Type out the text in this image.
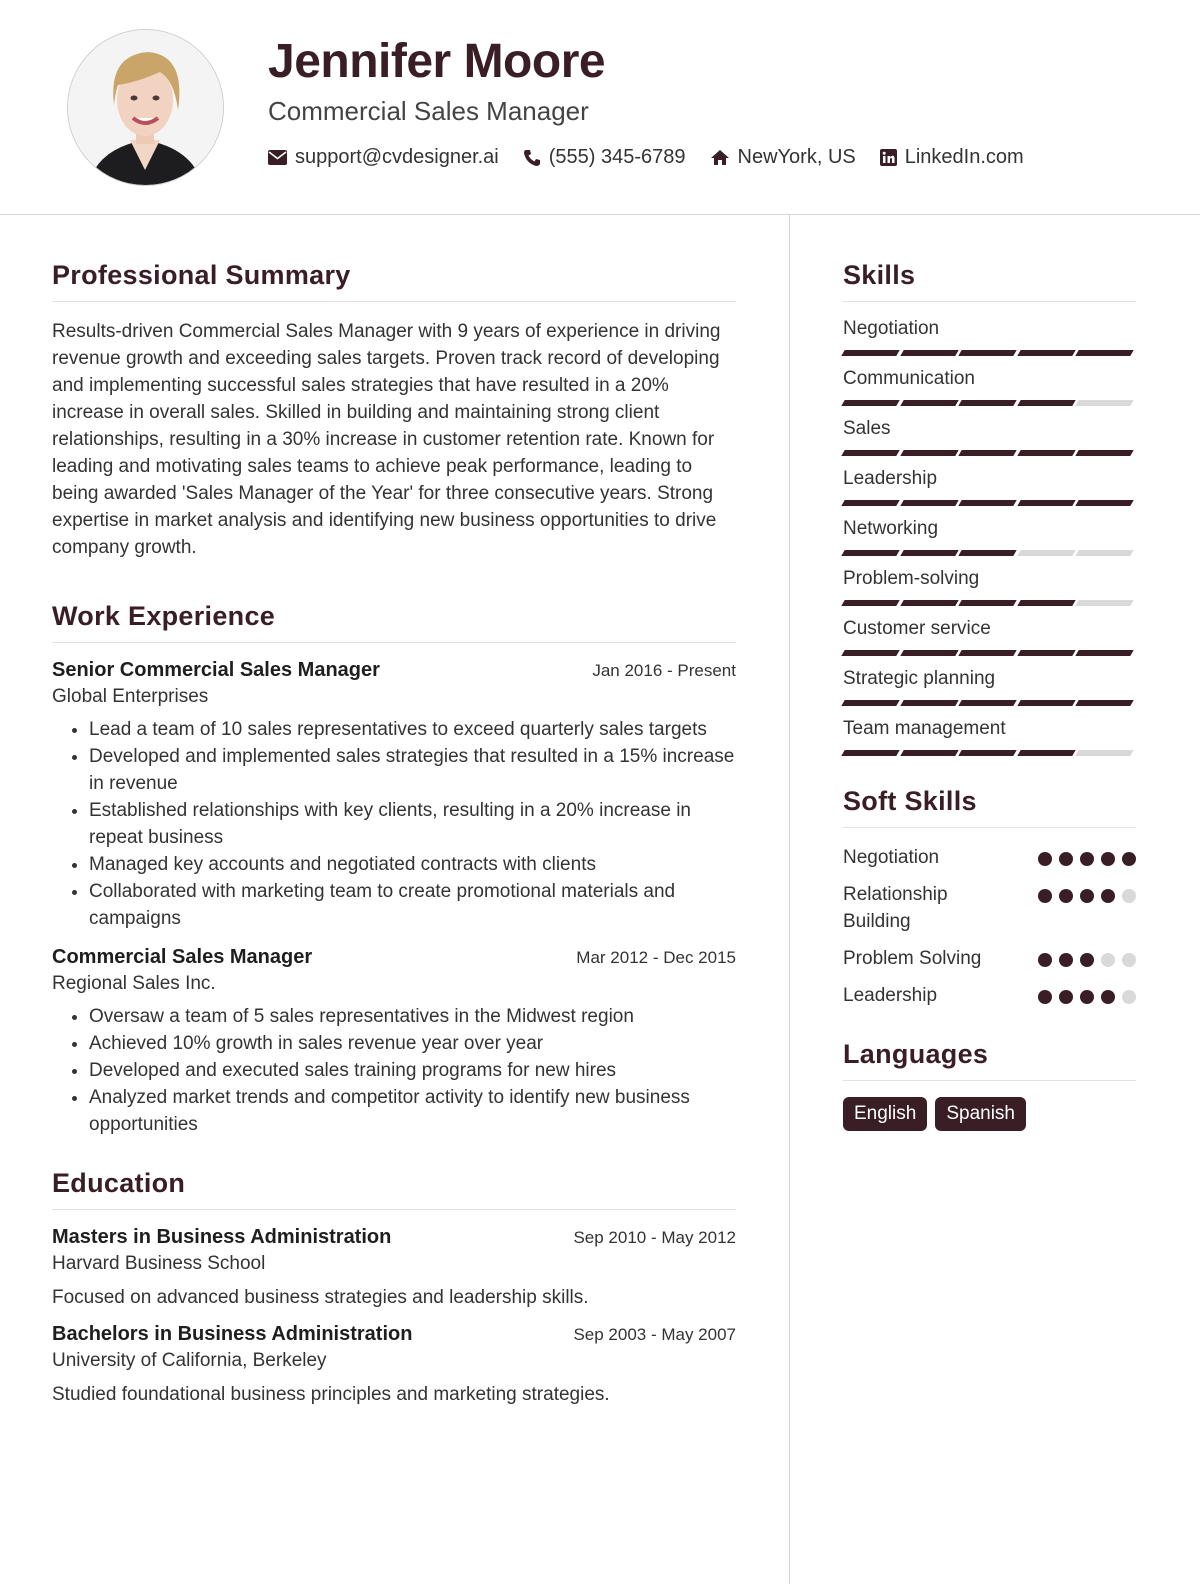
Jennifer Moore
Commercial Sales Manager
support@cvdesigner.ai	(555) 345-6789	NewYork, US LinkedIn.com
Professional Summary

Results-driven Commercial Sales Manager with 9 years of experience in driving revenue growth and exceeding sales targets. Proven track record of developing and implementing successful sales strategies that have resulted in a 20% increase in overall sales. Skilled in building and maintaining strong client relationships, resulting in a 30% increase in customer retention rate. Known for leading and motivating sales teams to achieve peak performance, leading to being awarded 'Sales Manager of the Year' for three consecutive years. Strong expertise in market analysis and identifying new business opportunities to drive company growth.

Work Experience
Senior Commercial Sales Manager	Jan 2016 - Present
Global Enterprises
• Lead a team of 10 sales representatives to exceed quarterly sales targets
• Developed and implemented sales strategies that resulted in a 15% increase in revenue
• Established relationships with key clients, resulting in a 20% increase in repeat business
• Managed key accounts and negotiated contracts with clients
• Collaborated with marketing team to create promotional materials and campaigns
Commercial Sales Manager	Mar 2012 - Dec 2015
Regional Sales Inc.
• Oversaw a team of 5 sales representatives in the Midwest region
• Achieved 10% growth in sales revenue year over year
• Developed and executed sales training programs for new hires
• Analyzed market trends and competitor activity to identify new business opportunities
Education
Masters in Business Administration	Sep 2010 - May 2012
Harvard Business School
Focused on advanced business strategies and leadership skills.
Bachelors in Business Administration	Sep 2003 - May 2007
University of California, Berkeley
Studied foundational business principles and marketing strategies.
Skills
Negotiation
Communication
Sales
Leadership
Networking
Problem-solving
Customer service
Strategic planning
Team management
Soft Skills
Negotiation
Relationship Building
Problem Solving
Leadership
Languages
English	Spanish
